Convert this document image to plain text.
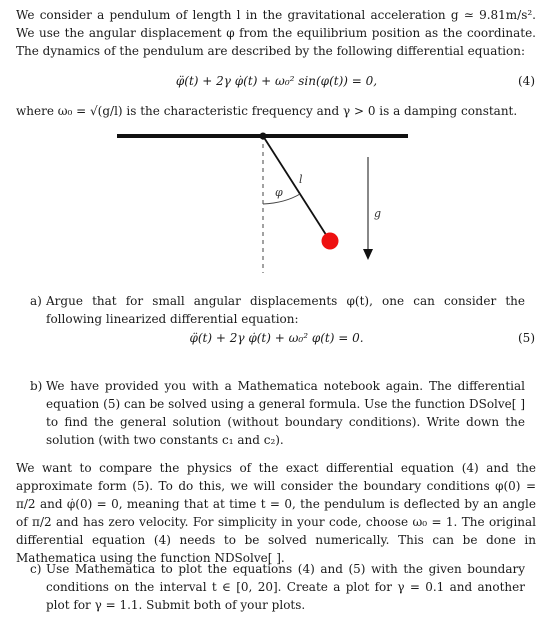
We consider a pendulum of length l in the gravitational acceleration g ≃ 9.81m/s². We use the angular displacement φ from the equilibrium position as the coordinate. The dynamics of the pendulum are described by the following differential equation:
φ̈(t) + 2γ φ̇(t) + ω₀² sin(φ(t)) = 0,	(4)
where ω₀ = √(g/l) is the characteristic frequency and γ > 0 is a damping constant.
φ
l
g
a) Argue that for small angular displacements φ(t), one can consider the following linearized differential equation:
φ̈(t) + 2γ φ̇(t) + ω₀² φ(t) = 0.	(5)
b) We have provided you with a Mathematica notebook again. The differential equation (5) can be solved using a general formula. Use the function DSolve[ ] to find the general solution (without boundary conditions). Write down the solution (with two constants c₁ and c₂).
We want to compare the physics of the exact differential equation (4) and the approximate form (5). To do this, we will consider the boundary conditions φ(0) = π/2 and φ̇(0) = 0, meaning that at time t = 0, the pendulum is deflected by an angle of π/2 and has zero velocity. For simplicity in your code, choose ω₀ = 1. The original differential equation (4) needs to be solved numerically. This can be done in Mathematica using the function NDSolve[ ].
c) Use Mathematica to plot the equations (4) and (5) with the given boundary conditions on the interval t ∈ [0, 20]. Create a plot for γ = 0.1 and another plot for γ = 1.1. Submit both of your plots.
